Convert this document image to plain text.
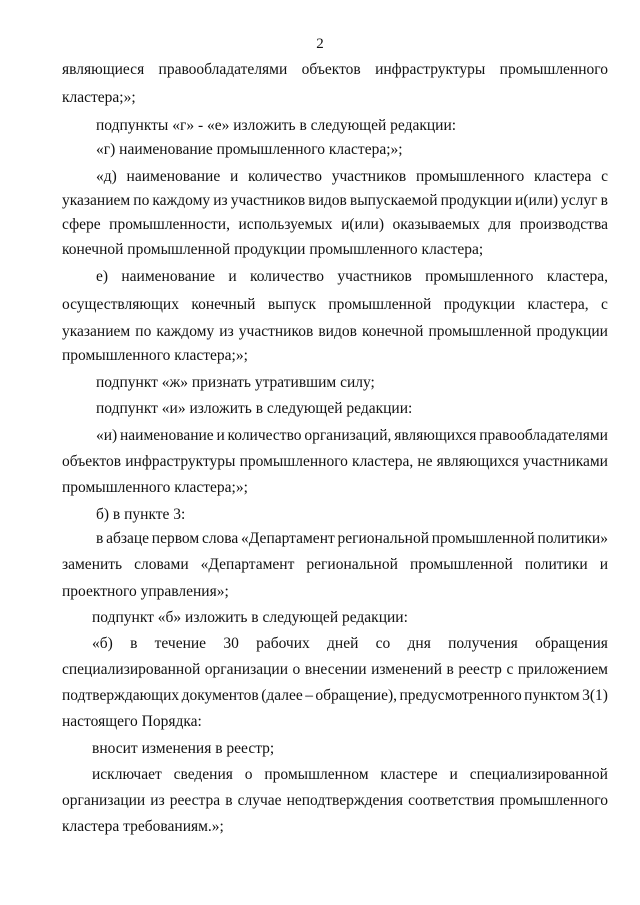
2
являющиеся правообладателями объектов инфраструктуры промышленного
кластера;»;
подпункты «г» - «е» изложить в следующей редакции:
«г) наименование промышленного кластера;»;
«д) наименование и количество участников промышленного кластера с
указанием по каждому из участников видов выпускаемой продукции и(или) услуг в
сфере промышленности, используемых и(или) оказываемых для производства
конечной промышленной продукции промышленного кластера;
е) наименование и количество участников промышленного кластера,
осуществляющих конечный выпуск промышленной продукции кластера, с
указанием по каждому из участников видов конечной промышленной продукции
промышленного кластера;»;
подпункт «ж» признать утратившим силу;
подпункт «и» изложить в следующей редакции:
«и) наименование и количество организаций, являющихся правообладателями
объектов инфраструктуры промышленного кластера, не являющихся участниками
промышленного кластера;»;
б) в пункте 3:
в абзаце первом слова «Департамент региональной промышленной политики»
заменить словами «Департамент региональной промышленной политики и
проектного управления»;
подпункт «б» изложить в следующей редакции:
«б) в течение 30 рабочих дней со дня получения обращения
специализированной организации о внесении изменений в реестр с приложением
подтверждающих документов (далее – обращение), предусмотренного пунктом 3(1)
настоящего Порядка:
вносит изменения в реестр;
исключает сведения о промышленном кластере и специализированной
организации из реестра в случае неподтверждения соответствия промышленного
кластера требованиям.»;
